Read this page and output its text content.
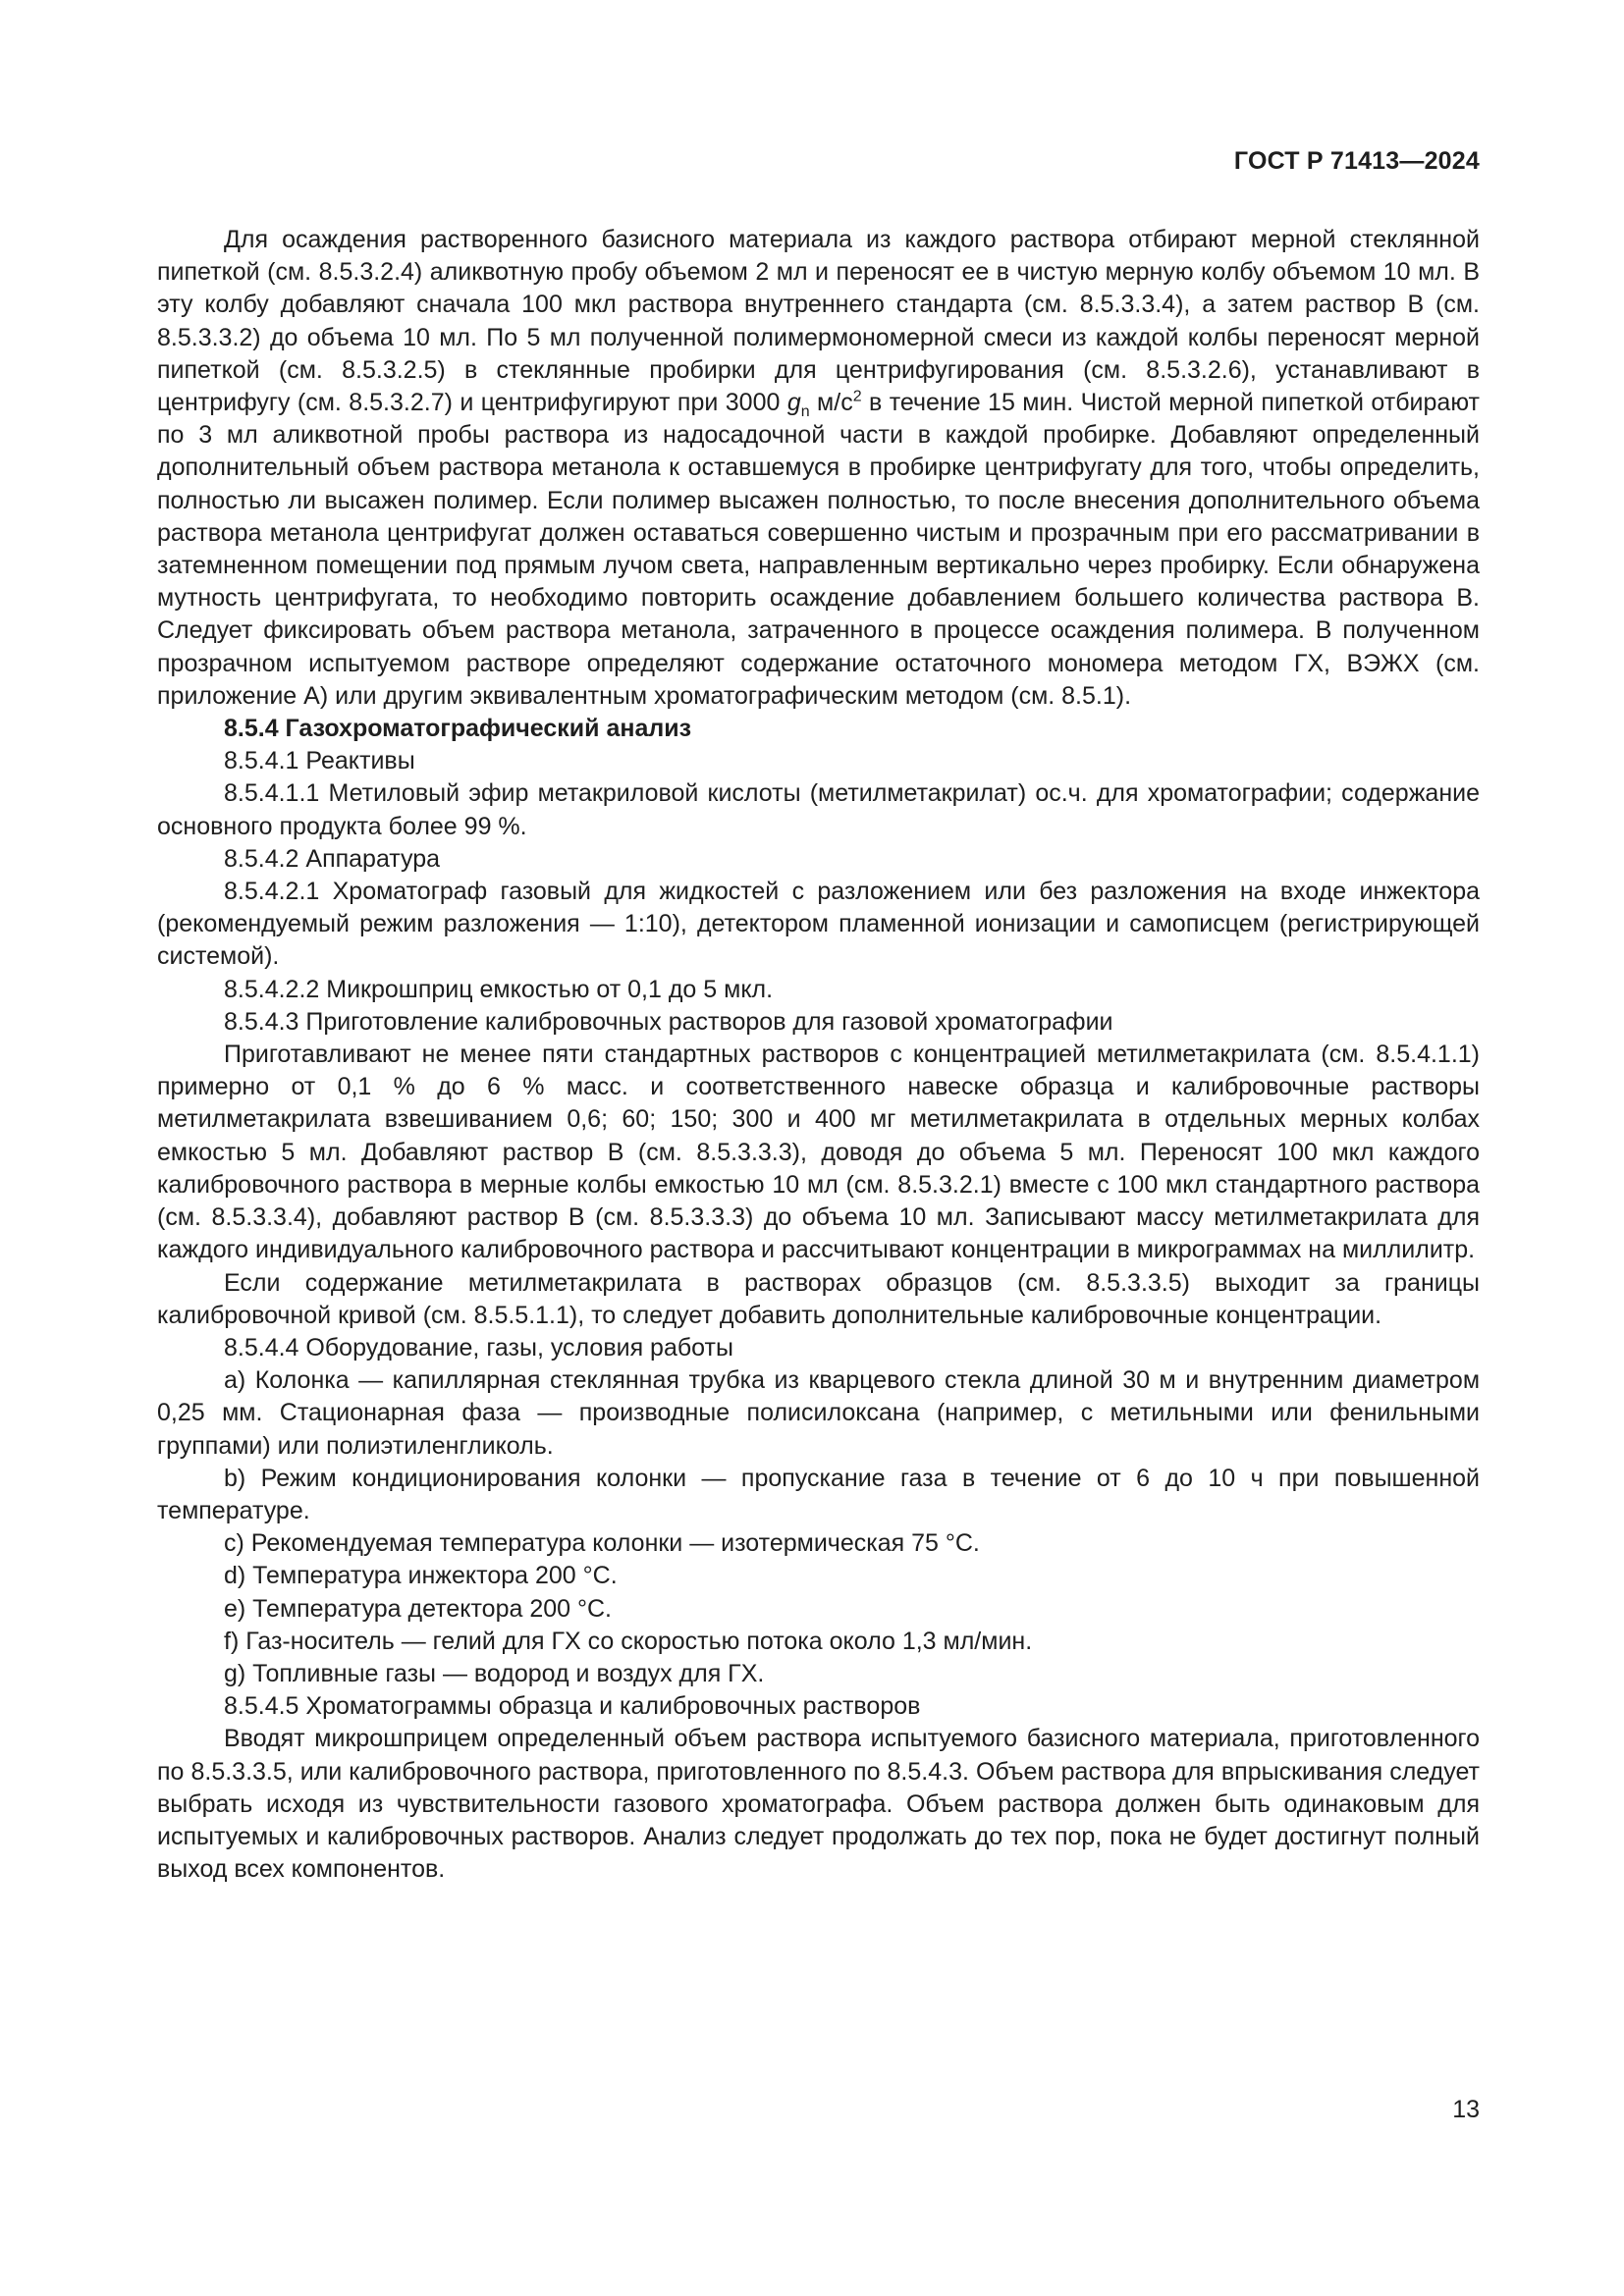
ГОСТ Р 71413—2024

Для осаждения растворенного базисного материала из каждого раствора отбирают мерной стеклянной пипеткой (см. 8.5.3.2.4) аликвотную пробу объемом 2 мл и переносят ее в чистую мерную колбу объемом 10 мл. В эту колбу добавляют сначала 100 мкл раствора внутреннего стандарта (см. 8.5.3.3.4), а затем раствор В (см. 8.5.3.3.2) до объема 10 мл. По 5 мл полученной полимермономерной смеси из каждой колбы переносят мерной пипеткой (см. 8.5.3.2.5) в стеклянные пробирки для центрифугирования (см. 8.5.3.2.6), устанавливают в центрифугу (см. 8.5.3.2.7) и центрифугируют при 3000 $g_n$ $м/с^2$ в течение 15 мин. Чистой мерной пипеткой отбирают по 3 мл аликвотной пробы раствора из надосадочной части в каждой пробирке. Добавляют определенный дополнительный объем раствора метанола к оставшемуся в пробирке центрифугату для того, чтобы определить, полностью ли высажен полимер. Если полимер высажен полностью, то после внесения дополнительного объема раствора метанола центрифугат должен оставаться совершенно чистым и прозрачным при его рассматривании в затемненном помещении под прямым лучом света, направленным вертикально через пробирку. Если обнаружена мутность центрифугата, то необходимо повторить осаждение добавлением большего количества раствора В. Следует фиксировать объем раствора метанола, затраченного в процессе осаждения полимера. В полученном прозрачном испытуемом растворе определяют содержание остаточного мономера методом ГХ, ВЭЖХ (см. приложение А) или другим эквивалентным хроматографическим методом (см. 8.5.1).

8.5.4 Газохроматографический анализ

8.5.4.1 Реактивы

8.5.4.1.1 Метиловый эфир метакриловой кислоты (метилметакрилат) ос.ч. для хроматографии; содержание основного продукта более 99 %.

8.5.4.2 Аппаратура

8.5.4.2.1 Хроматограф газовый для жидкостей с разложением или без разложения на входе инжектора (рекомендуемый режим разложения — 1:10), детектором пламенной ионизации и самописцем (регистрирующей системой).

8.5.4.2.2 Микрошприц емкостью от 0,1 до 5 мкл.

8.5.4.3 Приготовление калибровочных растворов для газовой хроматографии

Приготавливают не менее пяти стандартных растворов с концентрацией метилметакрилата (см. 8.5.4.1.1) примерно от 0,1 % до 6 % масс. и соответственного навеске образца и калибровочные растворы метилметакрилата взвешиванием 0,6; 60; 150; 300 и 400 мг метилметакрилата в отдельных мерных колбах емкостью 5 мл. Добавляют раствор В (см. 8.5.3.3.3), доводя до объема 5 мл. Переносят 100 мкл каждого калибровочного раствора в мерные колбы емкостью 10 мл (см. 8.5.3.2.1) вместе с 100 мкл стандартного раствора (см. 8.5.3.3.4), добавляют раствор В (см. 8.5.3.3.3) до объема 10 мл. Записывают массу метилметакрилата для каждого индивидуального калибровочного раствора и рассчитывают концентрации в микрограммах на миллилитр.

Если содержание метилметакрилата в растворах образцов (см. 8.5.3.3.5) выходит за границы калибровочной кривой (см. 8.5.5.1.1), то следует добавить дополнительные калибровочные концентрации.

8.5.4.4 Оборудование, газы, условия работы

a) Колонка — капиллярная стеклянная трубка из кварцевого стекла длиной 30 м и внутренним диаметром 0,25 мм. Стационарная фаза — производные полисилоксана (например, с метильными или фенильными группами) или полиэтиленгликоль.

b) Режим кондиционирования колонки — пропускание газа в течение от 6 до 10 ч при повышенной температуре.

c) Рекомендуемая температура колонки — изотермическая 75 °C.

d) Температура инжектора 200 °C.

e) Температура детектора 200 °C.

f) Газ-носитель — гелий для ГХ со скоростью потока около 1,3 мл/мин.

g) Топливные газы — водород и воздух для ГХ.

8.5.4.5 Хроматограммы образца и калибровочных растворов

Вводят микрошприцем определенный объем раствора испытуемого базисного материала, приготовленного по 8.5.3.3.5, или калибровочного раствора, приготовленного по 8.5.4.3. Объем раствора для впрыскивания следует выбрать исходя из чувствительности газового хроматографа. Объем раствора должен быть одинаковым для испытуемых и калибровочных растворов. Анализ следует продолжать до тех пор, пока не будет достигнут полный выход всех компонентов.

13
